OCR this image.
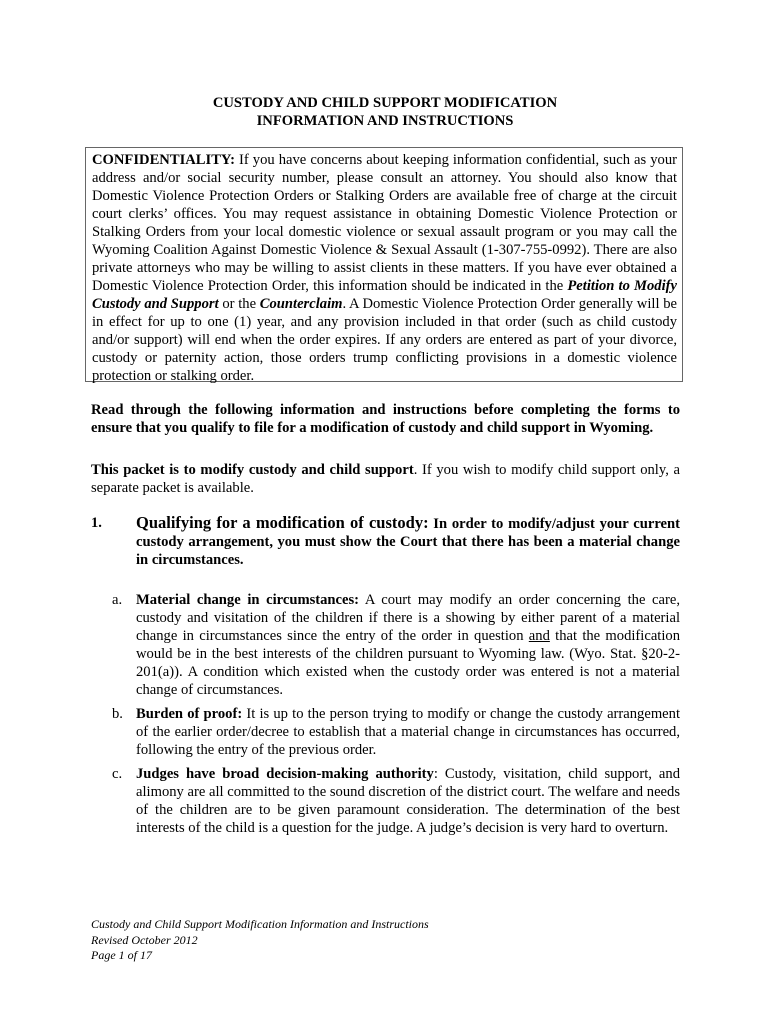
CUSTODY AND CHILD SUPPORT MODIFICATION
INFORMATION AND INSTRUCTIONS
CONFIDENTIALITY: If you have concerns about keeping information confidential, such as your address and/or social security number, please consult an attorney. You should also know that Domestic Violence Protection Orders or Stalking Orders are available free of charge at the circuit court clerks’ offices. You may request assistance in obtaining Domestic Violence Protection or Stalking Orders from your local domestic violence or sexual assault program or you may call the Wyoming Coalition Against Domestic Violence & Sexual Assault (1-307-755-0992). There are also private attorneys who may be willing to assist clients in these matters. If you have ever obtained a Domestic Violence Protection Order, this information should be indicated in the Petition to Modify Custody and Support or the Counterclaim. A Domestic Violence Protection Order generally will be in effect for up to one (1) year, and any provision included in that order (such as child custody and/or support) will end when the order expires. If any orders are entered as part of your divorce, custody or paternity action, those orders trump conflicting provisions in a domestic violence protection or stalking order.
Read through the following information and instructions before completing the forms to ensure that you qualify to file for a modification of custody and child support in Wyoming.
This packet is to modify custody and child support. If you wish to modify child support only, a separate packet is available.
1. Qualifying for a modification of custody: In order to modify/adjust your current custody arrangement, you must show the Court that there has been a material change in circumstances.
a. Material change in circumstances: A court may modify an order concerning the care, custody and visitation of the children if there is a showing by either parent of a material change in circumstances since the entry of the order in question and that the modification would be in the best interests of the children pursuant to Wyoming law. (Wyo. Stat. §20-2-201(a)). A condition which existed when the custody order was entered is not a material change of circumstances.
b. Burden of proof: It is up to the person trying to modify or change the custody arrangement of the earlier order/decree to establish that a material change in circumstances has occurred, following the entry of the previous order.
c. Judges have broad decision-making authority: Custody, visitation, child support, and alimony are all committed to the sound discretion of the district court. The welfare and needs of the children are to be given paramount consideration. The determination of the best interests of the child is a question for the judge. A judge’s decision is very hard to overturn.
Custody and Child Support Modification Information and Instructions
Revised October 2012
Page 1 of 17
